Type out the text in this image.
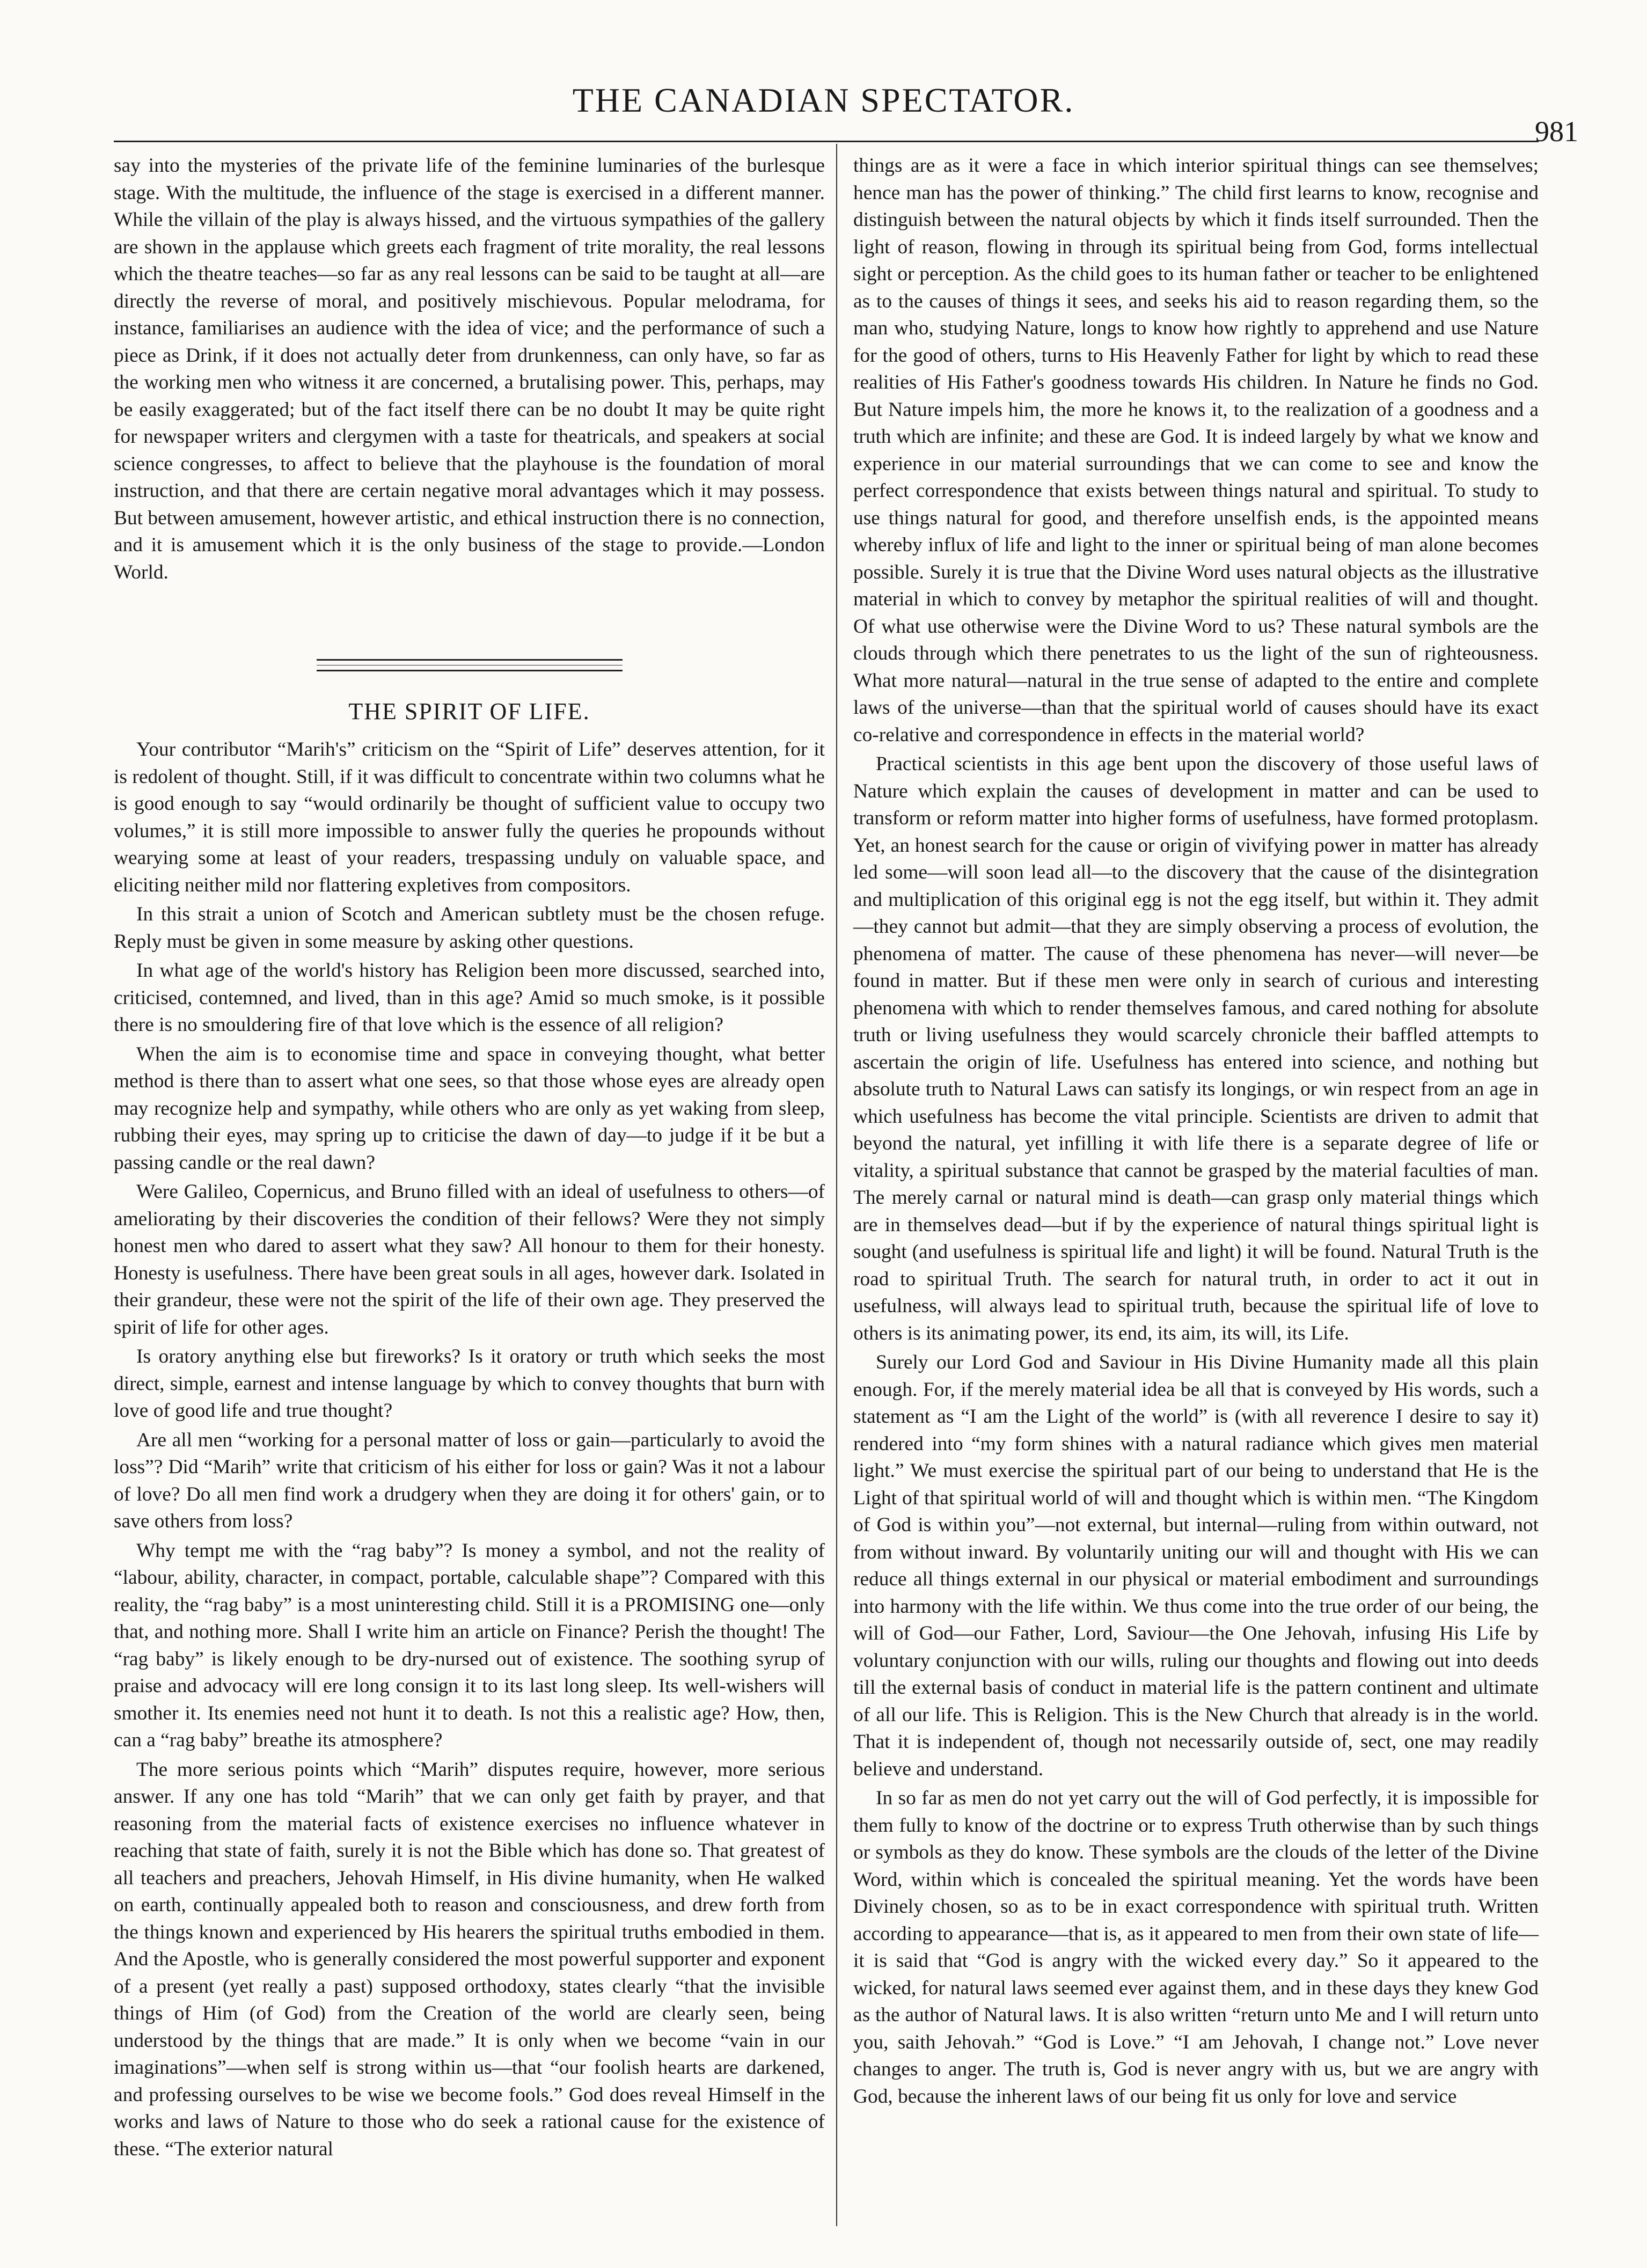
THE CANADIAN SPECTATOR.
981

say into the mysteries of the private life of the feminine luminaries of the burlesque stage. With the multitude, the influence of the stage is exercised in a different manner. While the villain of the play is always hissed, and the virtuous sympathies of the gallery are shown in the applause which greets each fragment of trite morality, the real lessons which the theatre teaches—so far as any real lessons can be said to be taught at all—are directly the reverse of moral, and positively mischievous. Popular melodrama, for instance, familiarises an audience with the idea of vice; and the performance of such a piece as Drink, if it does not actually deter from drunkenness, can only have, so far as the working men who witness it are concerned, a brutalising power. This, perhaps, may be easily exaggerated; but of the fact itself there can be no doubt It may be quite right for newspaper writers and clergymen with a taste for theatricals, and speakers at social science congresses, to affect to believe that the playhouse is the foundation of moral instruction, and that there are certain negative moral advantages which it may possess. But between amusement, however artistic, and ethical instruction there is no connection, and it is amusement which it is the only business of the stage to provide.—London World.

THE SPIRIT OF LIFE.

Your contributor “Marih's” criticism on the “Spirit of Life” deserves attention, for it is redolent of thought. Still, if it was difficult to concentrate within two columns what he is good enough to say “would ordinarily be thought of sufficient value to occupy two volumes,” it is still more impossible to answer fully the queries he propounds without wearying some at least of your readers, trespassing unduly on valuable space, and eliciting neither mild nor flattering expletives from compositors.

In this strait a union of Scotch and American subtlety must be the chosen refuge. Reply must be given in some measure by asking other questions.

In what age of the world's history has Religion been more discussed, searched into, criticised, contemned, and lived, than in this age? Amid so much smoke, is it possible there is no smouldering fire of that love which is the essence of all religion?

When the aim is to economise time and space in conveying thought, what better method is there than to assert what one sees, so that those whose eyes are already open may recognize help and sympathy, while others who are only as yet waking from sleep, rubbing their eyes, may spring up to criticise the dawn of day—to judge if it be but a passing candle or the real dawn?

Were Galileo, Copernicus, and Bruno filled with an ideal of usefulness to others—of ameliorating by their discoveries the condition of their fellows? Were they not simply honest men who dared to assert what they saw? All honour to them for their honesty. Honesty is usefulness. There have been great souls in all ages, however dark. Isolated in their grandeur, these were not the spirit of the life of their own age. They preserved the spirit of life for other ages.

Is oratory anything else but fireworks? Is it oratory or truth which seeks the most direct, simple, earnest and intense language by which to convey thoughts that burn with love of good life and true thought?

Are all men “working for a personal matter of loss or gain—particularly to avoid the loss”? Did “Marih” write that criticism of his either for loss or gain? Was it not a labour of love? Do all men find work a drudgery when they are doing it for others' gain, or to save others from loss?

Why tempt me with the “rag baby”? Is money a symbol, and not the reality of “labour, ability, character, in compact, portable, calculable shape”? Compared with this reality, the “rag baby” is a most uninteresting child. Still it is a PROMISING one—only that, and nothing more. Shall I write him an article on Finance? Perish the thought! The “rag baby” is likely enough to be dry-nursed out of existence. The soothing syrup of praise and advocacy will ere long consign it to its last long sleep. Its well-wishers will smother it. Its enemies need not hunt it to death. Is not this a realistic age? How, then, can a “rag baby” breathe its atmosphere?

The more serious points which “Marih” disputes require, however, more serious answer. If any one has told “Marih” that we can only get faith by prayer, and that reasoning from the material facts of existence exercises no influence whatever in reaching that state of faith, surely it is not the Bible which has done so. That greatest of all teachers and preachers, Jehovah Himself, in His divine humanity, when He walked on earth, continually appealed both to reason and consciousness, and drew forth from the things known and experienced by His hearers the spiritual truths embodied in them. And the Apostle, who is generally considered the most powerful supporter and exponent of a present (yet really a past) supposed orthodoxy, states clearly “that the invisible things of Him (of God) from the Creation of the world are clearly seen, being understood by the things that are made.” It is only when we become “vain in our imaginations”—when self is strong within us—that “our foolish hearts are darkened, and professing ourselves to be wise we become fools.” God does reveal Himself in the works and laws of Nature to those who do seek a rational cause for the existence of these. “The exterior natural

things are as it were a face in which interior spiritual things can see themselves; hence man has the power of thinking.” The child first learns to know, recognise and distinguish between the natural objects by which it finds itself surrounded. Then the light of reason, flowing in through its spiritual being from God, forms intellectual sight or perception. As the child goes to its human father or teacher to be enlightened as to the causes of things it sees, and seeks his aid to reason regarding them, so the man who, studying Nature, longs to know how rightly to apprehend and use Nature for the good of others, turns to His Heavenly Father for light by which to read these realities of His Father's goodness towards His children. In Nature he finds no God. But Nature impels him, the more he knows it, to the realization of a goodness and a truth which are infinite; and these are God. It is indeed largely by what we know and experience in our material surroundings that we can come to see and know the perfect correspondence that exists between things natural and spiritual. To study to use things natural for good, and therefore unselfish ends, is the appointed means whereby influx of life and light to the inner or spiritual being of man alone becomes possible. Surely it is true that the Divine Word uses natural objects as the illustrative material in which to convey by metaphor the spiritual realities of will and thought. Of what use otherwise were the Divine Word to us? These natural symbols are the clouds through which there penetrates to us the light of the sun of righteousness. What more natural—natural in the true sense of adapted to the entire and complete laws of the universe—than that the spiritual world of causes should have its exact co-relative and correspondence in effects in the material world?

Practical scientists in this age bent upon the discovery of those useful laws of Nature which explain the causes of development in matter and can be used to transform or reform matter into higher forms of usefulness, have formed protoplasm. Yet, an honest search for the cause or origin of vivifying power in matter has already led some—will soon lead all—to the discovery that the cause of the disintegration and multiplication of this original egg is not the egg itself, but within it. They admit—they cannot but admit—that they are simply observing a process of evolution, the phenomena of matter. The cause of these phenomena has never—will never—be found in matter. But if these men were only in search of curious and interesting phenomena with which to render themselves famous, and cared nothing for absolute truth or living usefulness they would scarcely chronicle their baffled attempts to ascertain the origin of life. Usefulness has entered into science, and nothing but absolute truth to Natural Laws can satisfy its longings, or win respect from an age in which usefulness has become the vital principle. Scientists are driven to admit that beyond the natural, yet infilling it with life there is a separate degree of life or vitality, a spiritual substance that cannot be grasped by the material faculties of man. The merely carnal or natural mind is death—can grasp only material things which are in themselves dead—but if by the experience of natural things spiritual light is sought (and usefulness is spiritual life and light) it will be found. Natural Truth is the road to spiritual Truth. The search for natural truth, in order to act it out in usefulness, will always lead to spiritual truth, because the spiritual life of love to others is its animating power, its end, its aim, its will, its Life.

Surely our Lord God and Saviour in His Divine Humanity made all this plain enough. For, if the merely material idea be all that is conveyed by His words, such a statement as “I am the Light of the world” is (with all reverence I desire to say it) rendered into “my form shines with a natural radiance which gives men material light.” We must exercise the spiritual part of our being to understand that He is the Light of that spiritual world of will and thought which is within men. “The Kingdom of God is within you”—not external, but internal—ruling from within outward, not from without inward. By voluntarily uniting our will and thought with His we can reduce all things external in our physical or material embodiment and surroundings into harmony with the life within. We thus come into the true order of our being, the will of God—our Father, Lord, Saviour—the One Jehovah, infusing His Life by voluntary conjunction with our wills, ruling our thoughts and flowing out into deeds till the external basis of conduct in material life is the pattern continent and ultimate of all our life. This is Religion. This is the New Church that already is in the world. That it is independent of, though not necessarily outside of, sect, one may readily believe and understand.

In so far as men do not yet carry out the will of God perfectly, it is impossible for them fully to know of the doctrine or to express Truth otherwise than by such things or symbols as they do know. These symbols are the clouds of the letter of the Divine Word, within which is concealed the spiritual meaning. Yet the words have been Divinely chosen, so as to be in exact correspondence with spiritual truth. Written according to appearance—that is, as it appeared to men from their own state of life—it is said that “God is angry with the wicked every day.” So it appeared to the wicked, for natural laws seemed ever against them, and in these days they knew God as the author of Natural laws. It is also written “return unto Me and I will return unto you, saith Jehovah.” “God is Love.” “I am Jehovah, I change not.” Love never changes to anger. The truth is, God is never angry with us, but we are angry with God, because the inherent laws of our being fit us only for love and service
